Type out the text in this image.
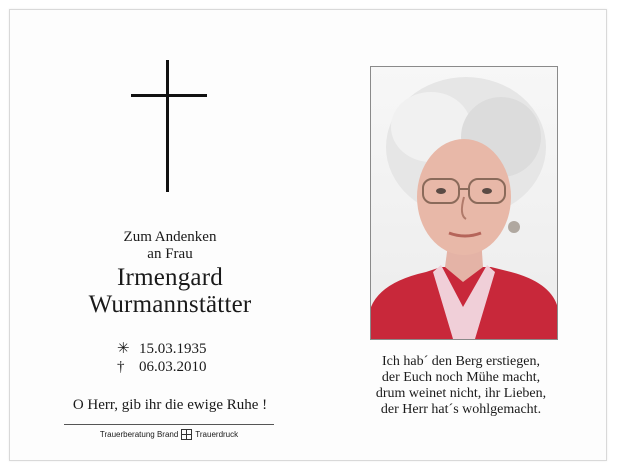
Zum Andenken
an Frau
Irmengard
Wurmannstätter
✳ 15.03.1935
† 06.03.2010
O Herr, gib ihr die ewige Ruhe !
Trauerberatung Brand Trauerdruck
Ich hab´ den Berg erstiegen,
der Euch noch Mühe macht,
drum weinet nicht, ihr Lieben,
der Herr hat´s wohlgemacht.
